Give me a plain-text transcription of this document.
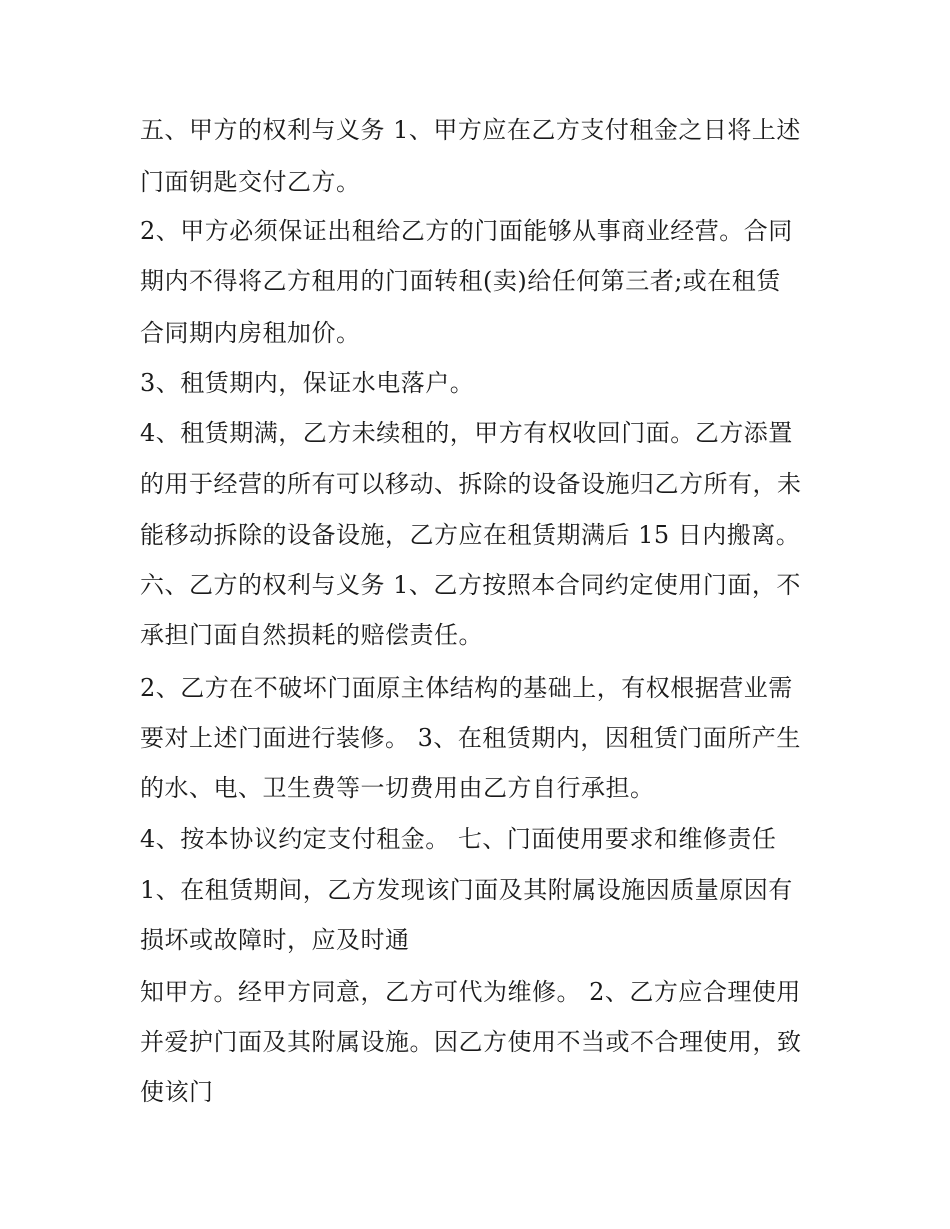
五、甲方的权利与义务 1、甲方应在乙方支付租金之日将上述
门面钥匙交付乙方。
2、甲方必须保证出租给乙方的门面能够从事商业经营。合同
期内不得将乙方租用的门面转租(卖)给任何第三者;或在租赁
合同期内房租加价。
3、租赁期内，保证水电落户。
4、租赁期满，乙方未续租的，甲方有权收回门面。乙方添置
的用于经营的所有可以移动、拆除的设备设施归乙方所有，未
能移动拆除的设备设施，乙方应在租赁期满后 15 日内搬离。
六、乙方的权利与义务 1、乙方按照本合同约定使用门面，不
承担门面自然损耗的赔偿责任。
2、乙方在不破坏门面原主体结构的基础上，有权根据营业需
要对上述门面进行装修。 3、在租赁期内，因租赁门面所产生
的水、电、卫生费等一切费用由乙方自行承担。
4、按本协议约定支付租金。 七、门面使用要求和维修责任
1、在租赁期间，乙方发现该门面及其附属设施因质量原因有
损坏或故障时，应及时通
知甲方。经甲方同意，乙方可代为维修。 2、乙方应合理使用
并爱护门面及其附属设施。因乙方使用不当或不合理使用，致
使该门
